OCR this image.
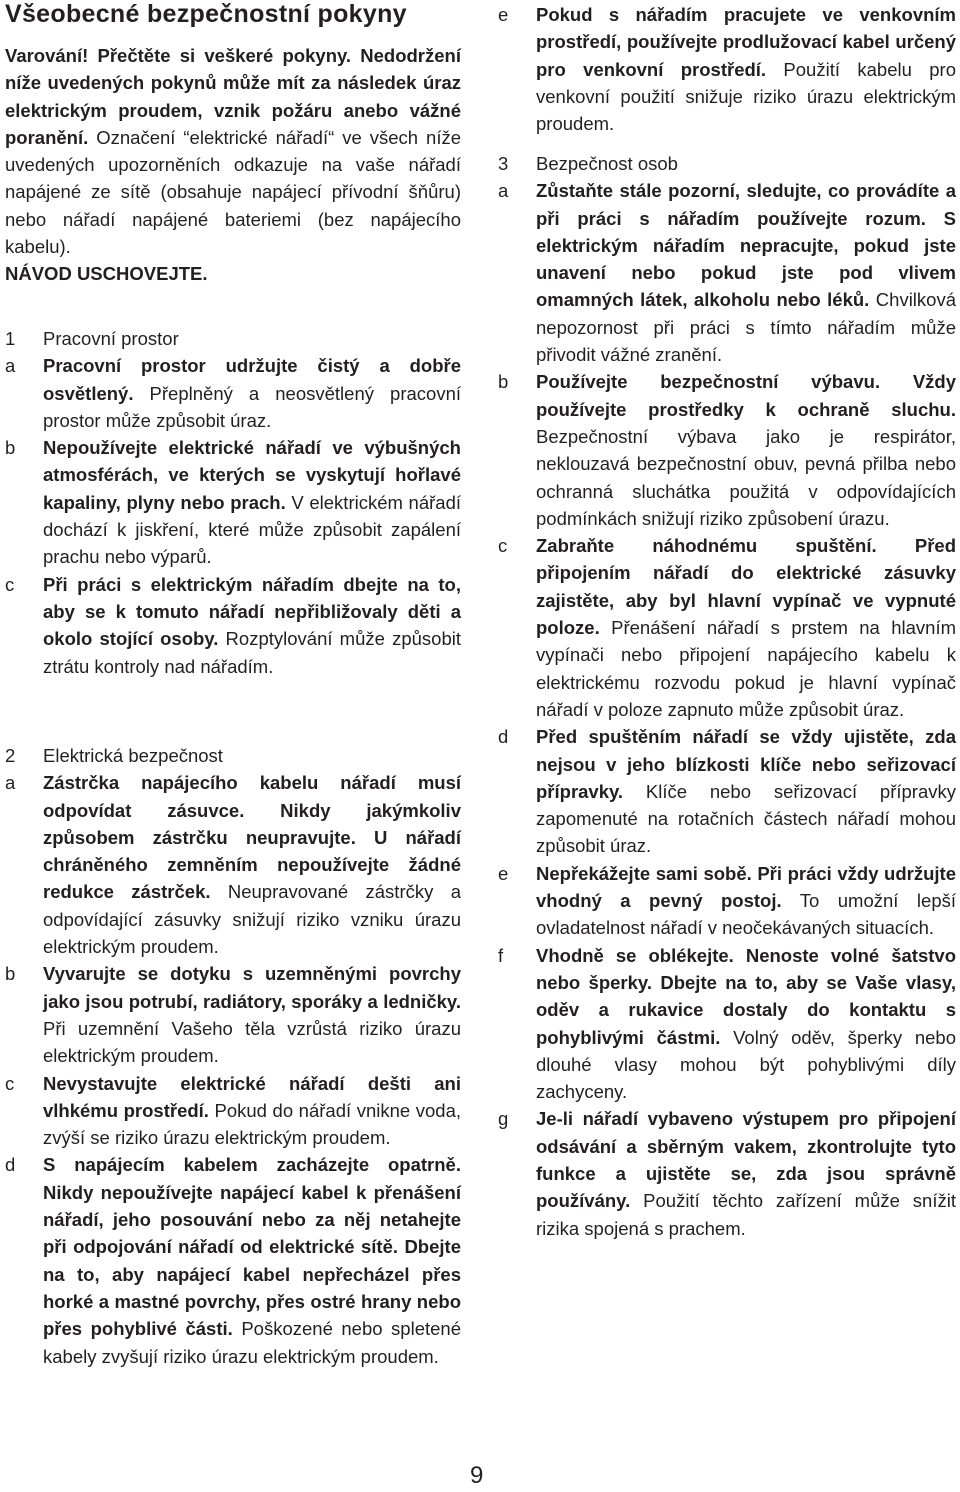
Všeobecné bezpečnostní pokyny

Varování! Přečtěte si veškeré pokyny. Nedodržení níže uvedených pokynů může mít za následek úraz elektrickým proudem, vznik požáru anebo vážné poranění. Označení “elektrické nářadí“ ve všech níže uvedených upozorněních odkazuje na vaše nářadí napájené ze sítě (obsahuje napájecí přívodní šňůru) nebo nářadí napájené bateriemi (bez napájecího kabelu).

NÁVOD USCHOVEJTE.

1	Pracovní prostor
a	Pracovní prostor udržujte čistý a dobře osvětlený. Přeplněný a neosvětlený pracovní prostor může způsobit úraz.
b	Nepoužívejte elektrické nářadí ve výbušných atmosférách, ve kterých se vyskytují hořlavé kapaliny, plyny nebo prach. V elektrickém nářadí dochází k jiskření, které může způsobit zapálení prachu nebo výparů.
c	Při práci s elektrickým nářadím dbejte na to, aby se k tomuto nářadí nepřibližovaly děti a okolo stojící osoby. Rozptylování může způsobit ztrátu kontroly nad nářadím.
2	Elektrická bezpečnost
a	Zástrčka napájecího kabelu nářadí musí odpovídat zásuvce. Nikdy jakýmkoliv způsobem zástrčku neupravujte. U nářadí chráněného zemněním nepoužívejte žádné redukce zástrček. Neupravované zástrčky a odpovídající zásuvky snižují riziko vzniku úrazu elektrickým proudem.
b	Vyvarujte se dotyku s uzemněnými povrchy jako jsou potrubí, radiátory, sporáky a ledničky. Při uzemnění Vašeho těla vzrůstá riziko úrazu elektrickým proudem.
c	Nevystavujte elektrické nářadí dešti ani vlhkému prostředí. Pokud do nářadí vnikne voda, zvýší se riziko úrazu elektrickým proudem.
d	S napájecím kabelem zacházejte opatrně. Nikdy nepoužívejte napájecí kabel k přenášení nářadí, jeho posouvání nebo za něj netahejte při odpojování nářadí od elektrické sítě. Dbejte na to, aby napájecí kabel nepřecházel přes horké a mastné povrchy, přes ostré hrany nebo přes pohyblivé části. Poškozené nebo spletené kabely zvyšují riziko úrazu elektrickým proudem.
e	Pokud s nářadím pracujete ve venkovním prostředí, používejte prodlužovací kabel určený pro venkovní prostředí. Použití kabelu pro venkovní použití snižuje riziko úrazu elektrickým proudem.
3	Bezpečnost osob
a	Zůstaňte stále pozorní, sledujte, co provádíte a při práci s nářadím používejte rozum. S elektrickým nářadím nepracujte, pokud jste unavení nebo pokud jste pod vlivem omamných látek, alkoholu nebo léků. Chvilková nepozornost při práci s tímto nářadím může přivodit vážné zranění.
b	Používejte bezpečnostní výbavu. Vždy používejte prostředky k ochraně sluchu. Bezpečnostní výbava jako je respirátor, neklouzavá bezpečnostní obuv, pevná přilba nebo ochranná sluchátka použitá v odpovídajících podmínkách snižují riziko způsobení úrazu.
c	Zabraňte náhodnému spuštění. Před připojením nářadí do elektrické zásuvky zajistěte, aby byl hlavní vypínač ve vypnuté poloze. Přenášení nářadí s prstem na hlavním vypínači nebo připojení napájecího kabelu k elektrickému rozvodu pokud je hlavní vypínač nářadí v poloze zapnuto může způsobit úraz.
d	Před spuštěním nářadí se vždy ujistěte, zda nejsou v jeho blízkosti klíče nebo seřizovací přípravky. Klíče nebo seřizovací přípravky zapomenuté na rotačních částech nářadí mohou způsobit úraz.
e	Nepřekážejte sami sobě. Při práci vždy udržujte vhodný a pevný postoj. To umožní lepší ovladatelnost nářadí v neočekávaných situacích.
f	Vhodně se oblékejte. Nenoste volné šatstvo nebo šperky. Dbejte na to, aby se Vaše vlasy, oděv a rukavice dostaly do kontaktu s pohyblivými částmi. Volný oděv, šperky nebo dlouhé vlasy mohou být pohyblivými díly zachyceny.
g	Je-li nářadí vybaveno výstupem pro připojení odsávání a sběrným vakem, zkontrolujte tyto funkce a ujistěte se, zda jsou správně používány. Použití těchto zařízení může snížit rizika spojená s prachem.
9
